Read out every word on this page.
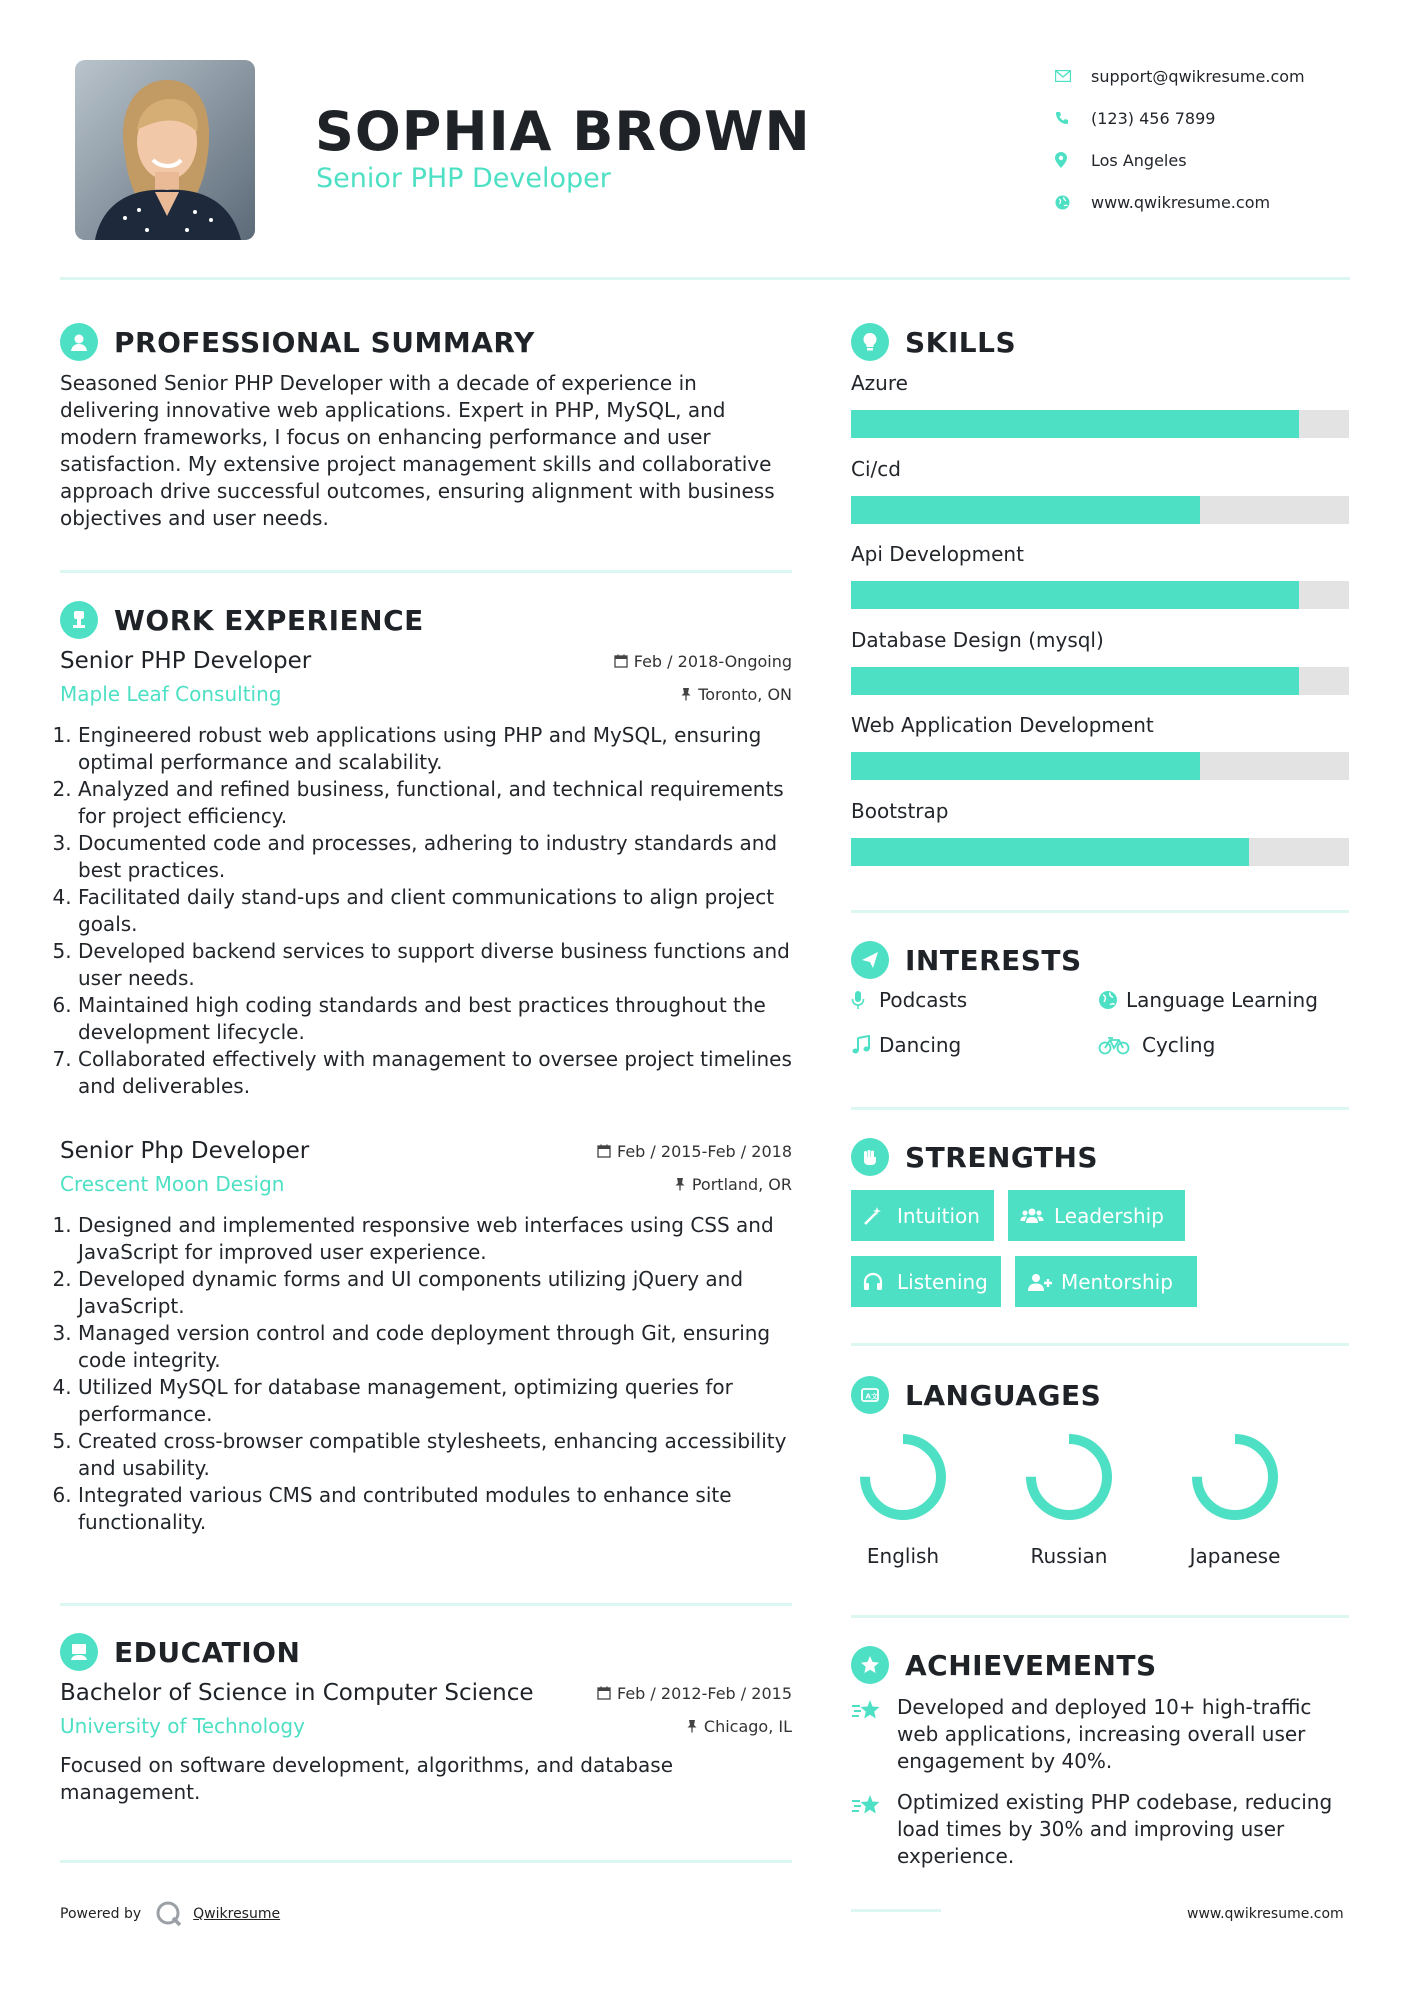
SOPHIA BROWN
Senior PHP Developer
support@qwikresume.com
(123) 456 7899
Los Angeles
www.qwikresume.com
PROFESSIONAL SUMMARY
Seasoned Senior PHP Developer with a decade of experience in delivering innovative web applications. Expert in PHP, MySQL, and modern frameworks, I focus on enhancing performance and user satisfaction. My extensive project management skills and collaborative approach drive successful outcomes, ensuring alignment with business objectives and user needs.
WORK EXPERIENCE
Senior PHP Developer	Feb / 2018-Ongoing
Maple Leaf Consulting	Toronto, ON
1. Engineered robust web applications using PHP and MySQL, ensuring optimal performance and scalability.
2. Analyzed and refined business, functional, and technical requirements for project efficiency.
3. Documented code and processes, adhering to industry standards and best practices.
4. Facilitated daily stand-ups and client communications to align project goals.
5. Developed backend services to support diverse business functions and user needs.
6. Maintained high coding standards and best practices throughout the development lifecycle.
7. Collaborated effectively with management to oversee project timelines and deliverables.
Senior Php Developer	Feb / 2015-Feb / 2018
Crescent Moon Design	Portland, OR
1. Designed and implemented responsive web interfaces using CSS and JavaScript for improved user experience.
2. Developed dynamic forms and UI components utilizing jQuery and JavaScript.
3. Managed version control and code deployment through Git, ensuring code integrity.
4. Utilized MySQL for database management, optimizing queries for performance.
5. Created cross-browser compatible stylesheets, enhancing accessibility and usability.
6. Integrated various CMS and contributed modules to enhance site functionality.
EDUCATION
Bachelor of Science in Computer Science	Feb / 2012-Feb / 2015
University of Technology	Chicago, IL
Focused on software development, algorithms, and database management.
SKILLS
Azure
Ci/cd
Api Development
Database Design (mysql)
Web Application Development
Bootstrap
INTERESTS
Podcasts	Language Learning
Dancing	Cycling
STRENGTHS
Intuition	Leadership
Listening	Mentorship
A 文 LANGUAGES
English	Russian	Japanese
ACHIEVEMENTS
Developed and deployed 10+ high-traffic web applications, increasing overall user engagement by 40%.
Optimized existing PHP codebase, reducing load times by 30% and improving user experience.
Powered by	Qwikresume	www.qwikresume.com
